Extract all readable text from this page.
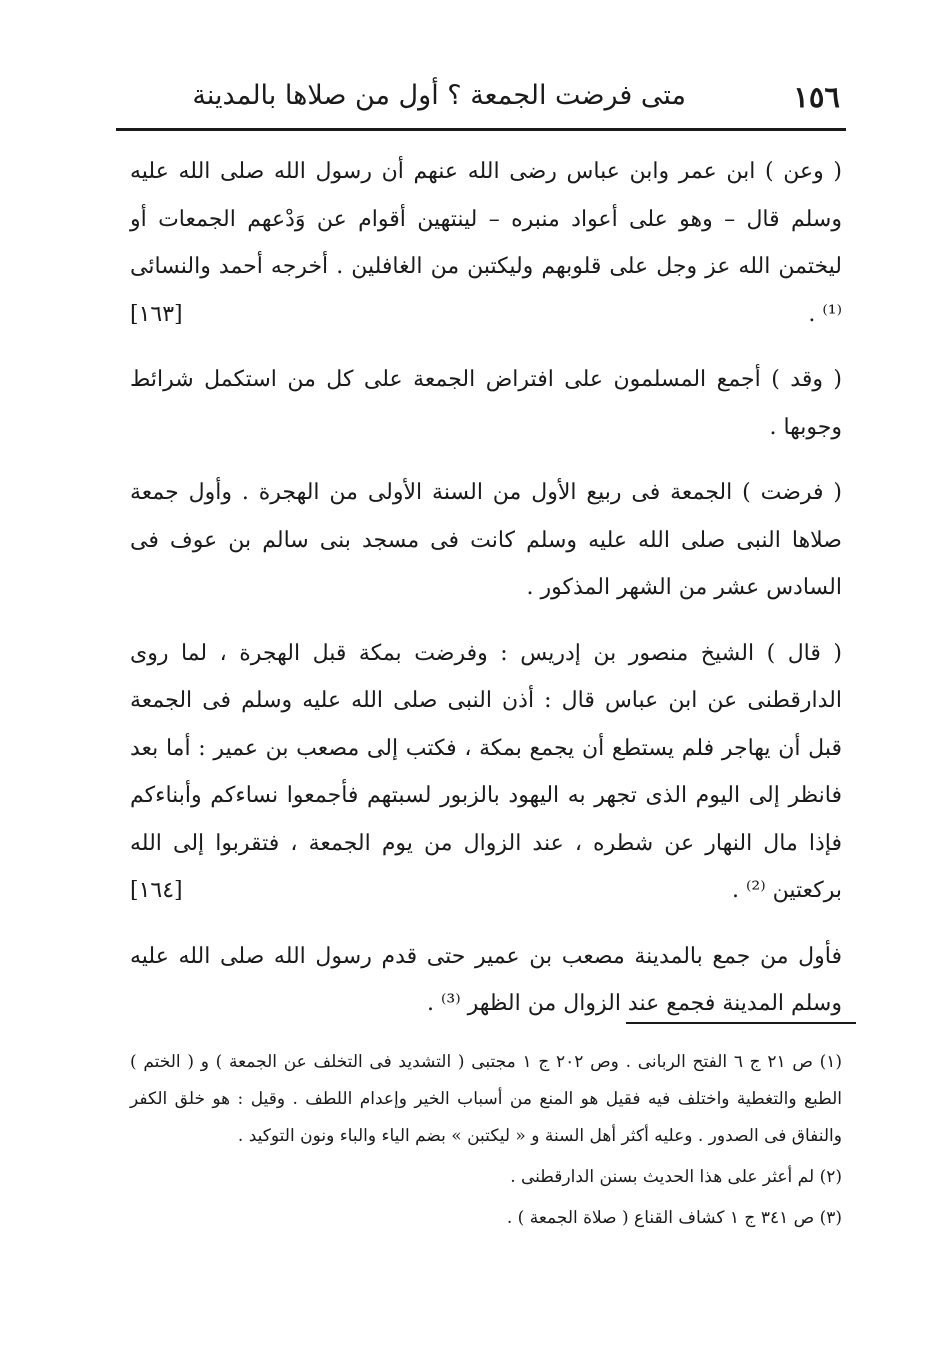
١٥٦
متى فرضت الجمعة ؟ أول من صلاها بالمدينة

( وعن ) ابن عمر وابن عباس رضى الله عنهم أن رسول الله صلى الله عليه وسلم قال – وهو على أعواد منبره – لينتهين أقوام عن وَدْعهم الجمعات أو ليختمن الله عز وجل على قلوبهم وليكتبن من الغافلين . أخرجه أحمد والنسائى ⁽¹⁾ .
[١٦٣]

( وقد ) أجمع المسلمون على افتراض الجمعة على كل من استكمل شرائط وجوبها .

( فرضت ) الجمعة فى ربيع الأول من السنة الأولى من الهجرة . وأول جمعة صلاها النبى صلى الله عليه وسلم كانت فى مسجد بنى سالم بن عوف فى السادس عشر من الشهر المذكور .

( قال ) الشيخ منصور بن إدريس : وفرضت بمكة قبل الهجرة ، لما روى الدارقطنى عن ابن عباس قال : أذن النبى صلى الله عليه وسلم فى الجمعة قبل أن يهاجر فلم يستطع أن يجمع بمكة ، فكتب إلى مصعب بن عمير : أما بعد فانظر إلى اليوم الذى تجهر به اليهود بالزبور لسبتهم فأجمعوا نساءكم وأبناءكم فإذا مال النهار عن شطره ، عند الزوال من يوم الجمعة ، فتقربوا إلى الله بركعتين ⁽²⁾ .
[١٦٤]

فأول من جمع بالمدينة مصعب بن عمير حتى قدم رسول الله صلى الله عليه وسلم المدينة فجمع عند الزوال من الظهر ⁽³⁾ .

(١) ص ٢١ ج ٦ الفتح الربانى . وص ٢٠٢ ج ١ مجتبى ( التشديد فى التخلف عن الجمعة ) و ( الختم ) الطبع والتغطية واختلف فيه فقيل هو المنع من أسباب الخير وإعدام اللطف . وقيل : هو خلق الكفر والنفاق فى الصدور . وعليه أكثر أهل السنة و « ليكتبن » بضم الياء والباء ونون التوكيد .

(٢) لم أعثر على هذا الحديث بسنن الدارقطنى .

(٣) ص ٣٤١ ج ١ كشاف القناع ( صلاة الجمعة ) .
